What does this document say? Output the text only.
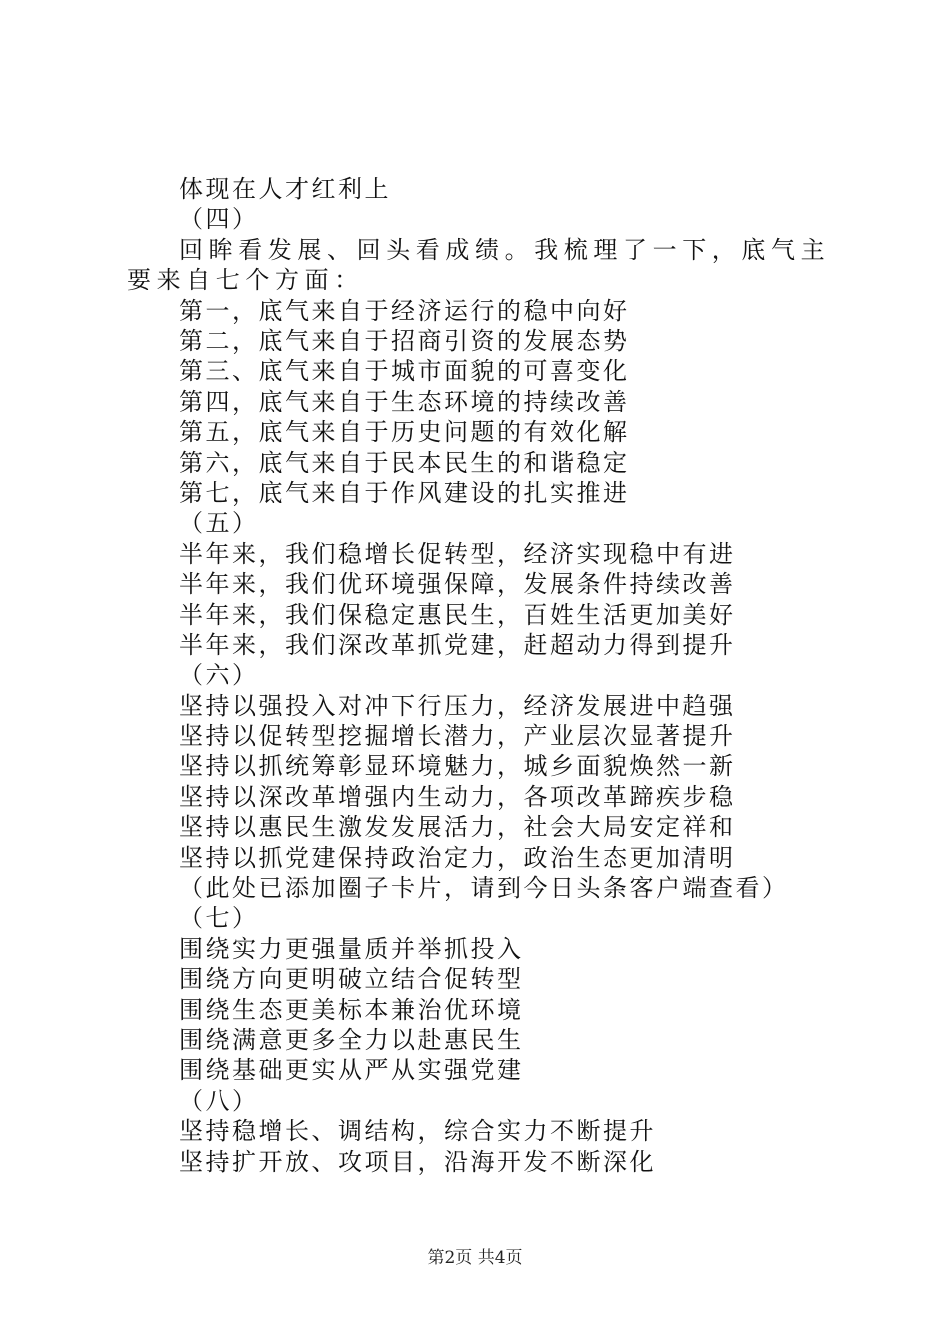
体现在人才红利上
（四）
回眸看发展、回头看成绩。我梳理了一下，底气主要来自七个方面：
第一，底气来自于经济运行的稳中向好
第二，底气来自于招商引资的发展态势
第三、底气来自于城市面貌的可喜变化
第四，底气来自于生态环境的持续改善
第五，底气来自于历史问题的有效化解
第六，底气来自于民本民生的和谐稳定
第七，底气来自于作风建设的扎实推进
（五）
半年来，我们稳增长促转型，经济实现稳中有进
半年来，我们优环境强保障，发展条件持续改善
半年来，我们保稳定惠民生，百姓生活更加美好
半年来，我们深改革抓党建，赶超动力得到提升
（六）
坚持以强投入对冲下行压力，经济发展进中趋强
坚持以促转型挖掘增长潜力，产业层次显著提升
坚持以抓统筹彰显环境魅力，城乡面貌焕然一新
坚持以深改革增强内生动力，各项改革蹄疾步稳
坚持以惠民生激发发展活力，社会大局安定祥和
坚持以抓党建保持政治定力，政治生态更加清明
（此处已添加圈子卡片，请到今日头条客户端查看）
（七）
围绕实力更强量质并举抓投入
围绕方向更明破立结合促转型
围绕生态更美标本兼治优环境
围绕满意更多全力以赴惠民生
围绕基础更实从严从实强党建
（八）
坚持稳增长、调结构，综合实力不断提升
坚持扩开放、攻项目，沿海开发不断深化
第2页 共4页
